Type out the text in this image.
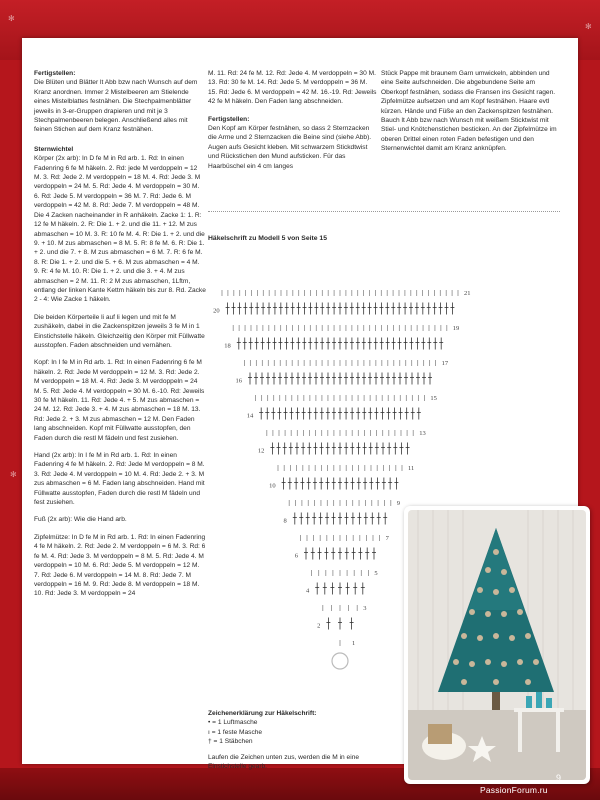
✻
✻
✻

Fertigstellen:

Die Blüten und Blätter lt Abb bzw nach Wunsch auf dem Kranz anordnen. Immer 2 Mistelbeeren am Stielende eines Mistelblattes festnähen. Die Stechpalmenblätter jeweils in 3-er-Gruppen drapieren und mit je 3 Stechpalmenbeeren belegen. Anschließend alles mit feinen Stichen auf dem Kranz festnähen.

Sternwichtel

Körper (2x arb): In D fe M in Rd arb. 1. Rd: In einen Fadenring 6 fe M häkeln. 2. Rd: jede M verdoppeln = 12 M. 3. Rd: Jede 2. M verdoppeln = 18 M. 4. Rd: Jede 3. M verdoppeln = 24 M. 5. Rd: Jede 4. M verdoppeln = 30 M. 6. Rd: Jede 5. M verdoppeln = 36 M. 7. Rd: Jede 6. M verdoppeln = 42 M. 8. Rd: Jede 7. M verdoppeln = 48 M. Die 4 Zacken nacheinander in R anhäkeln. Zacke 1: 1. R: 12 fe M häkeln. 2. R: Die 1. + 2. und die 11. + 12. M zus abmaschen = 10 M. 3. R: 10 fe M. 4. R: Die 1. + 2. und die 9. + 10. M zus abmaschen = 8 M. 5. R: 8 fe M. 6. R: Die 1. + 2. und die 7. + 8. M zus abmaschen = 6 M. 7. R: 6 fe M. 8. R: Die 1. + 2. und die 5. + 6. M zus abmaschen = 4 M. 9. R: 4 fe M. 10. R: Die 1. + 2. und die 3. + 4. M zus abmaschen = 2 M. 11. R: 2 M zus abmaschen, 1Lftm, entlang der linken Kante Kettm häkeln bis zur 8. Rd. Zacke 2 - 4: Wie Zacke 1 häkeln.

Die beiden Körperteile li auf li legen und mit fe M zushäkeln, dabei in die Zackenspitzen jeweils 3 fe M in 1 Einstichstelle häkeln. Gleichzeitig den Körper mit Füllwatte ausstopfen. Faden abschneiden und vernähen.

Kopf: In I fe M in Rd arb. 1. Rd: In einen Fadenring 6 fe M häkeln. 2. Rd: Jede M verdoppeln = 12 M. 3. Rd: Jede 2. M verdoppeln = 18 M. 4. Rd: Jede 3. M verdoppeln = 24 M. 5. Rd: Jede 4. M verdoppeln = 30 M. 6.-10. Rd: Jeweils 30 fe M häkeln. 11. Rd: Jede 4. + 5. M zus abmaschen = 24 M. 12. Rd: Jede 3. + 4. M zus abmaschen = 18 M. 13. Rd: Jede 2. + 3. M zus abmaschen = 12 M. Den Faden lang abschneiden. Kopf mit Füllwatte ausstopfen, den Faden durch die restl M fädeln und fest zusiehen.

Hand (2x arb): In I fe M in Rd arb. 1. Rd: In einen Fadenring 4 fe M häkeln. 2. Rd: Jede M verdoppeln = 8 M. 3. Rd: Jede 4. M verdoppeln = 10 M. 4. Rd: Jede 2. + 3. M zus abmaschen = 6 M. Faden lang abschneiden. Hand mit Füllwatte ausstopfen, Faden durch die restl M fädeln und fest zusiehen.

Fuß (2x arb): Wie die Hand arb.

Zipfelmütze: In D fe M in Rd arb. 1. Rd: In einen Fadenring 4 fe M häkeln. 2. Rd: Jede 2. M verdoppeln = 6 M. 3. Rd: 6 fe M. 4. Rd: Jede 3. M verdoppeln = 8 M. 5. Rd: Jede 4. M verdoppeln = 10 M. 6. Rd: Jede 5. M verdoppeln = 12 M. 7. Rd: Jede 6. M verdoppeln = 14 M. 8. Rd: Jede 7. M verdoppeln = 16 M. 9. Rd: Jede 8. M verdoppeln = 18 M. 10. Rd: Jede 3. M verdoppeln = 24

M. 11. Rd: 24 fe M. 12. Rd: Jede 4. M verdoppeln = 30 M. 13. Rd: 30 fe M. 14. Rd: Jede 5. M verdoppeln = 36 M. 15. Rd: Jede 6. M verdoppeln = 42 M. 16.-19. Rd: Jeweils 42 fe M häkeln. Den Faden lang abschneiden.

Fertigstellen:

Den Kopf am Körper festnähen, so dass 2 Sternzacken die Arme und 2 Sternzacken die Beine sind (siehe Abb). Augen aufs Gesicht kleben. Mit schwarzem Stickdtwist und Rückstichen den Mund aufsticken. Für das Haarbüschel ein 4 cm langes

Stück Pappe mit braunem Garn umwickeln, abbinden und eine Seite aufschneiden. Die abgebundene Seite am Oberkopf festnähen, sodass die Fransen ins Gesicht ragen. Zipfelmütze aufsetzen und am Kopf festnähen. Haare evtl kürzen. Hände und Füße an den Zackenspitzen festnähen. Bauch lt Abb bzw nach Wunsch mit weißem Sticktwist mit Stiel- und Knötchenstichen besticken. An der Zipfelmütze im oberen Drittel einen roten Faden befestigen und den Sternenwichtel damit am Kranz anknüpfen.

Häkelschrift zu Modell 5 von Seite 15
1
2
3
4
5
6
7
8
9
10
11
12
13
14
15
16
17
18
19
20
21
Zeichenerklärung zur Häkelschrift:
• = 1 Luftmasche
ı = 1 feste Masche
† = 1 Stäbchen
Laufen die Zeichen unten zus, werden die M in eine Einstichstelle gearb.
9
PassionForum.ru
